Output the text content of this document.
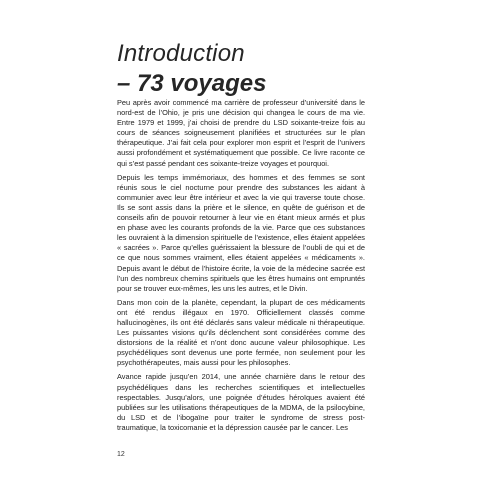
Introduction
– 73 voyages

Peu après avoir commencé ma carrière de professeur d’université dans le nord-est de l’Ohio, je pris une décision qui changea le cours de ma vie. Entre 1979 et 1999, j’ai choisi de prendre du LSD soixante-treize fois au cours de séances soigneusement planifiées et structurées sur le plan thérapeutique. J’ai fait cela pour explorer mon esprit et l’esprit de l’univers aussi profondément et systématiquement que possible. Ce livre raconte ce qui s’est passé pendant ces soixante-treize voyages et pourquoi.

Depuis les temps immémoriaux, des hommes et des femmes se sont réunis sous le ciel nocturne pour prendre des substances les aidant à communier avec leur être intérieur et avec la vie qui traverse toute chose. Ils se sont assis dans la prière et le silence, en quête de guérison et de conseils afin de pouvoir retourner à leur vie en étant mieux armés et plus en phase avec les courants profonds de la vie. Parce que ces substances les ouvraient à la dimension spirituelle de l’existence, elles étaient appelées « sacrées ». Parce qu’elles guérissaient la blessure de l’oubli de qui et de ce que nous sommes vraiment, elles étaient appelées « médicaments ». Depuis avant le début de l’histoire écrite, la voie de la médecine sacrée est l’un des nombreux chemins spirituels que les êtres humains ont empruntés pour se trouver eux-mêmes, les uns les autres, et le Divin.

Dans mon coin de la planète, cependant, la plupart de ces médicaments ont été rendus illégaux en 1970. Officiellement classés comme hallucinogènes, ils ont été déclarés sans valeur médicale ni thérapeutique. Les puissantes visions qu’ils déclenchent sont considérées comme des distorsions de la réalité et n’ont donc aucune valeur philosophique. Les psychédéliques sont devenus une porte fermée, non seulement pour les psychothérapeutes, mais aussi pour les philosophes.

Avance rapide jusqu’en 2014, une année charnière dans le retour des psychédéliques dans les recherches scientifiques et intellectuelles respectables. Jusqu’alors, une poignée d’études héroïques avaient été publiées sur les utilisations thérapeutiques de la MDMA, de la psilocybine, du LSD et de l’ibogaïne pour traiter le syndrome de stress post-traumatique, la toxicomanie et la dépression causée par le cancer. Les

12
